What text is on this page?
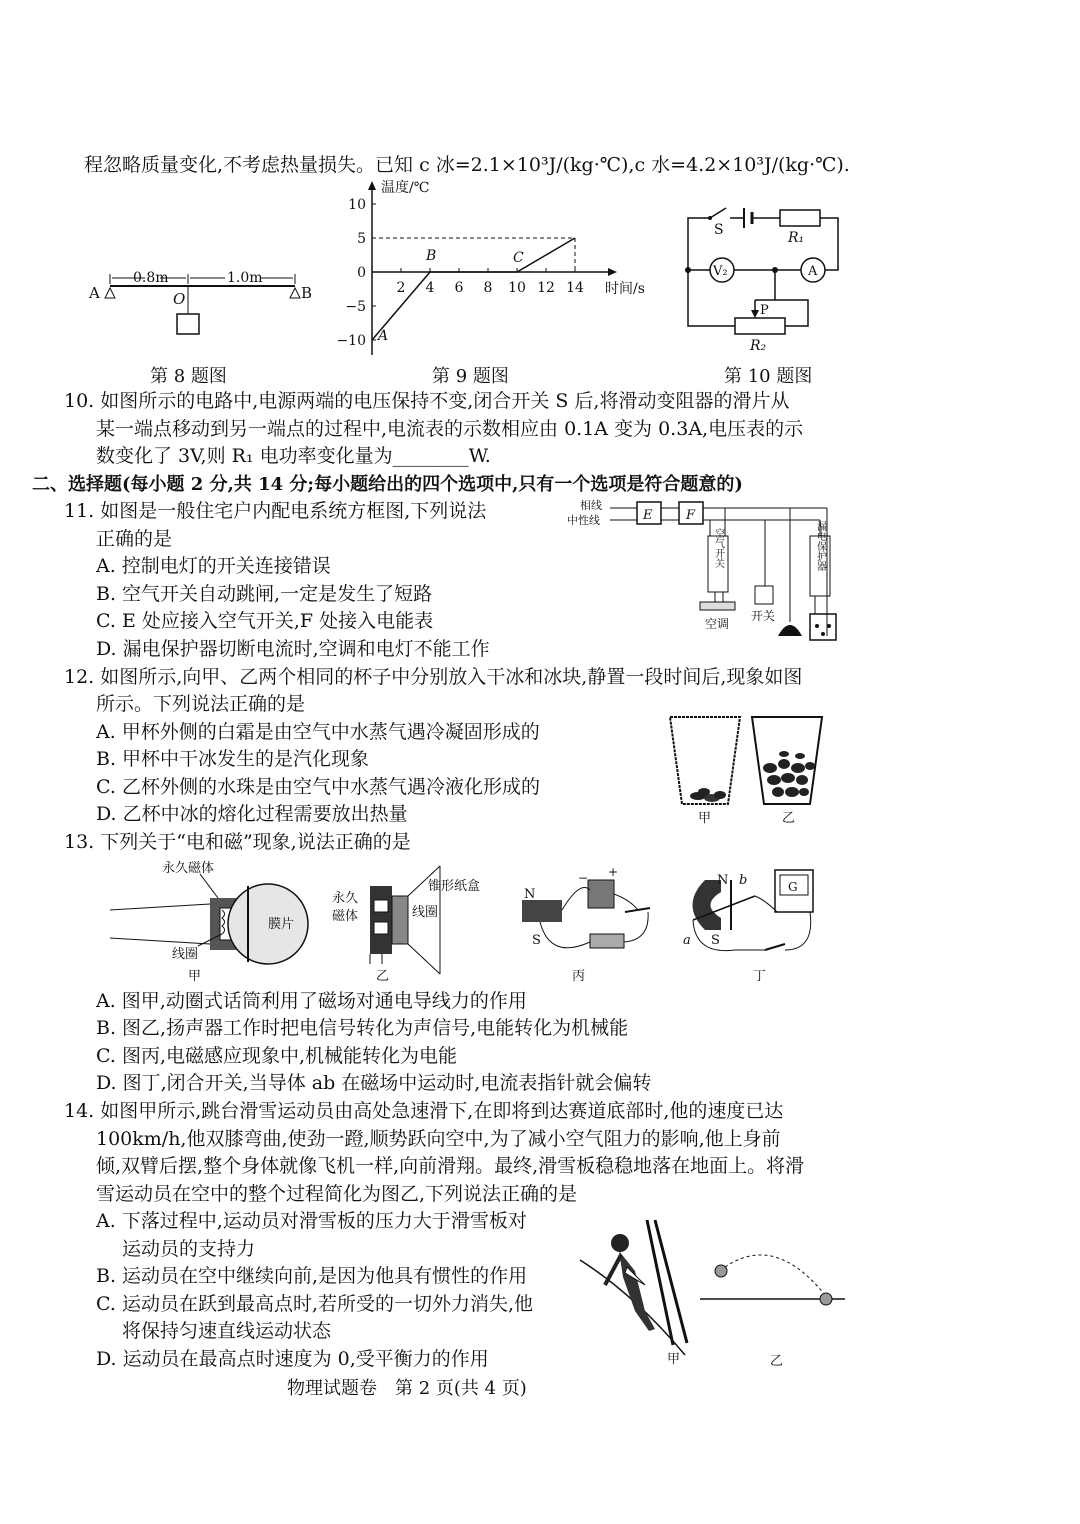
程忽略质量变化,不考虑热量损失。已知 c 冰=2.1×10³J/(kg·℃),c 水=4.2×10³J/(kg·℃).
A	B
O
0.8m	1.0m
第 8 题图
10
5
0
−5
−10
2 4 6 8 10 12 14
A
B	C
温度/℃
时间/s
第 9 题图
S	R₁
V₂	A
P
R₂
第 10 题图
10. 如图所示的电路中,电源两端的电压保持不变,闭合开关 S 后,将滑动变阻器的滑片从
某一端点移动到另一端点的过程中,电流表的示数相应由 0.1A 变为 0.3A,电压表的示
数变化了 3V,则 R₁ 电功率变化量为________W.
二、选择题(每小题 2 分,共 14 分;每小题给出的四个选项中,只有一个选项是符合题意的)
11. 如图是一般住宅户内配电系统方框图,下列说法
正确的是
A. 控制电灯的开关连接错误
B. 空气开关自动跳闸,一定是发生了短路
C. E 处应接入空气开关,F 处接入电能表
D. 漏电保护器切断电流时,空调和电灯不能工作
相线
中性线	E	F
空气开关	漏电保护器
空调
开关
12. 如图所示,向甲、乙两个相同的杯子中分别放入干冰和冰块,静置一段时间后,现象如图
所示。下列说法正确的是
A. 甲杯外侧的白霜是由空气中水蒸气遇冷凝固形成的
B. 甲杯中干冰发生的是汽化现象
C. 乙杯外侧的水珠是由空气中水蒸气遇冷液化形成的
D. 乙杯中冰的熔化过程需要放出热量	甲	乙
13. 下列关于“电和磁”现象,说法正确的是
永久磁体
膜片
线圈
甲
永久
磁体
锥形纸盒
线圈
乙
N
S
− +
丙
N
S
b
a
G
丁
A. 图甲,动圈式话筒利用了磁场对通电导线力的作用
B. 图乙,扬声器工作时把电信号转化为声信号,电能转化为机械能
C. 图丙,电磁感应现象中,机械能转化为电能
D. 图丁,闭合开关,当导体 ab 在磁场中运动时,电流表指针就会偏转
14. 如图甲所示,跳台滑雪运动员由高处急速滑下,在即将到达赛道底部时,他的速度已达
100km/h,他双膝弯曲,使劲一蹬,顺势跃向空中,为了减小空气阻力的影响,他上身前
倾,双臂后摆,整个身体就像飞机一样,向前滑翔。最终,滑雪板稳稳地落在地面上。将滑
雪运动员在空中的整个过程简化为图乙,下列说法正确的是
A. 下落过程中,运动员对滑雪板的压力大于滑雪板对
运动员的支持力
B. 运动员在空中继续向前,是因为他具有惯性的作用
C. 运动员在跃到最高点时,若所受的一切外力消失,他
将保持匀速直线运动状态
D. 运动员在最高点时速度为 0,受平衡力的作用	甲	乙
物理试题卷　第 2 页(共 4 页)
